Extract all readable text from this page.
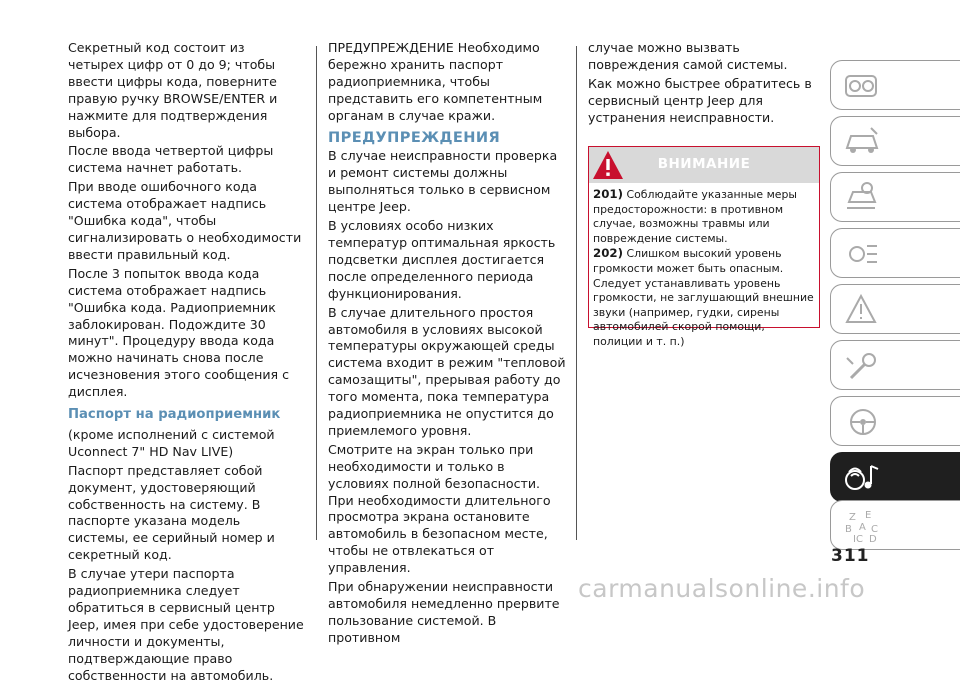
Секретный код состоит из четырех цифр от 0 до 9; чтобы ввести цифры кода, поверните правую ручку BROWSE/ENTER и нажмите для подтверждения выбора.

После ввода четвертой цифры система начнет работать.

При вводе ошибочного кода система отображает надпись "Ошибка кода", чтобы сигнализировать о необходимости ввести правильный код.

После 3 попыток ввода кода система отображает надпись "Ошибка кода. Радиоприемник заблокирован. Подождите 30 минут". Процедуру ввода кода можно начинать снова после исчезновения этого сообщения с дисплея.

Паспорт на радиоприемник

(кроме исполнений с системой Uconnect 7" HD Nav LIVE)

Паспорт представляет собой документ, удостоверяющий собственность на систему. В паспорте указана модель системы, ее серийный номер и секретный код.

В случае утери паспорта радиоприемника следует обратиться в сервисный центр Jeep, имея при себе удостоверение личности и документы, подтверждающие право собственности на автомобиль.

ПРЕДУПРЕЖДЕНИЕ Необходимо бережно хранить паспорт радиоприемника, чтобы представить его компетентным органам в случае кражи.

ПРЕДУПРЕЖДЕНИЯ

В случае неисправности проверка и ремонт системы должны выполняться только в сервисном центре Jeep.

В условиях особо низких температур оптимальная яркость подсветки дисплея достигается после определенного периода функционирования.

В случае длительного простоя автомобиля в условиях высокой температуры окружающей среды система входит в режим "тепловой самозащиты", прерывая работу до того момента, пока температура радиоприемника не опустится до приемлемого уровня.

Смотрите на экран только при необходимости и только в условиях полной безопасности. При необходимости длительного просмотра экрана остановите автомобиль в безопасном месте, чтобы не отвлекаться от управления.

При обнаружении неисправности автомобиля немедленно прервите пользование системой. В противном

случае можно вызвать повреждения самой системы.

Как можно быстрее обратитесь в сервисный центр Jeep для устранения неисправности.

ВНИМАНИЕ

201) Соблюдайте указанные меры предосторожности: в противном случае, возможны травмы или повреждение системы.

202) Слишком высокий уровень громкости может быть опасным. Следует устанавливать уровень громкости, не заглушающий внешние звуки (например, гудки, сирены автомобилей скорой помощи, полиции и т. п.)

Z E
B A C
IC D
311
carmanualsonline.info
